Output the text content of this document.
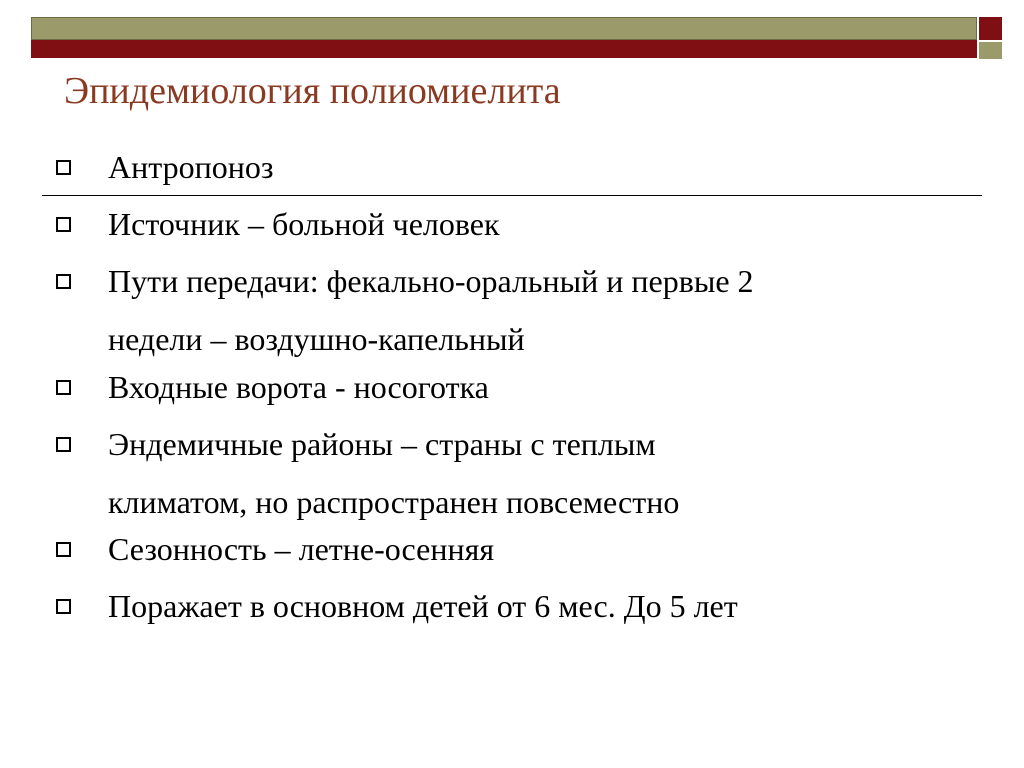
Эпидемиология полиомиелита
Антропоноз
Источник – больной человек
Пути передачи: фекально-оральный и первые 2
недели – воздушно-капельный
Входные ворота - носоготка
Эндемичные районы – страны с теплым
климатом, но распространен повсеместно
Сезонность – летне-осенняя
Поражает в основном детей от 6 мес. До 5 лет
